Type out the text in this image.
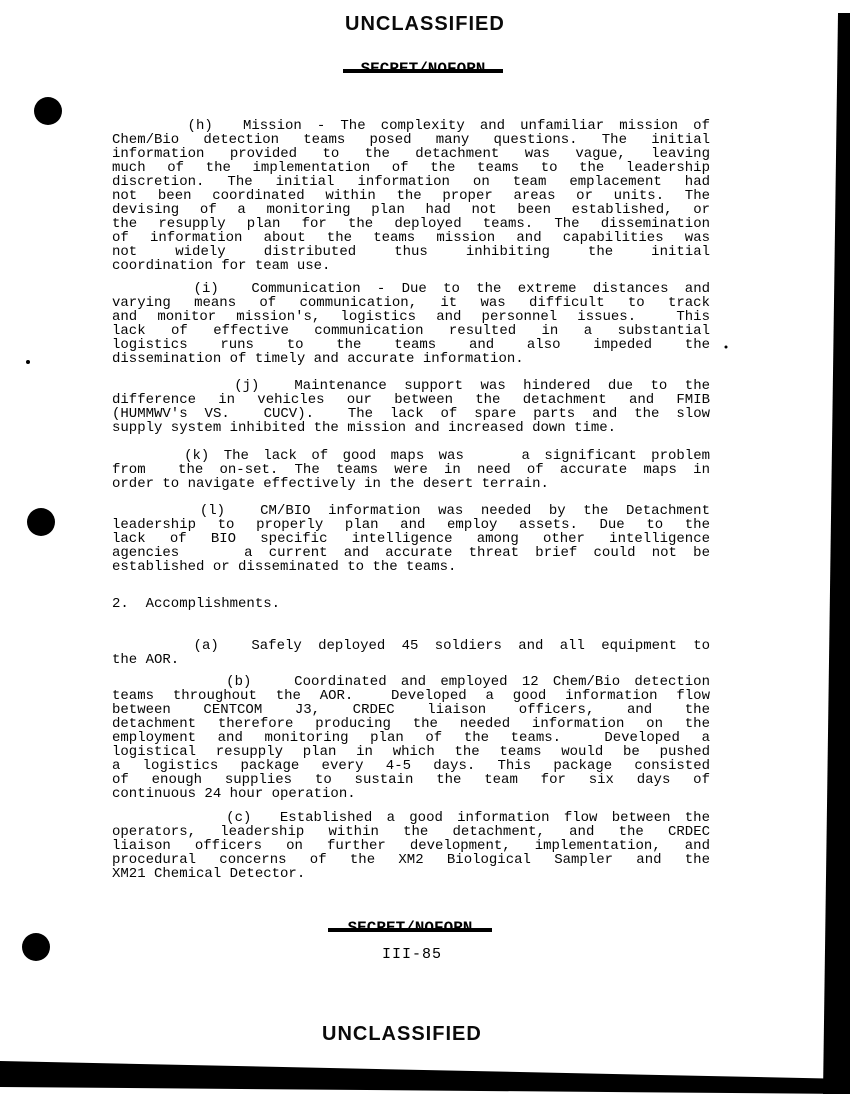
UNCLASSIFIED
(h)  Mission - The complexity and unfamiliar mission of
Chem/Bio detection teams posed many questions. The initial
information provided to the detachment was vague, leaving
much of the implementation of the teams to the leadership
discretion. The initial information on team emplacement had
not been coordinated within the proper areas or units. The
devising of a monitoring plan had not been established, or
the resupply plan for the deployed teams. The dissemination
of information about the teams mission and capabilities was
not widely distributed thus inhibiting the initial
coordination for team use.
(i)  Communication - Due to the extreme distances and
varying means of communication, it was difficult to track
and monitor mission's, logistics and personnel issues.  This
lack of effective communication resulted in a substantial
logistics runs to the teams and also impeded the
dissemination of timely and accurate information.
(j)  Maintenance support was hindered due to the
difference in vehicles our between the detachment and FMIB
(HUMMWV's VS.  CUCV).  The lack of spare parts and the slow
supply system inhibited the mission and increased down time.
(k) The lack of good maps was    a significant problem
from  the on-set. The teams were in need of accurate maps in
order to navigate effectively in the desert terrain.
(l)  CM/BIO information was needed by the Detachment
leadership to properly plan and employ assets. Due to the
lack of BIO specific intelligence among other intelligence
agencies    a current and accurate threat brief could not be
established or disseminated to the teams.
2.  Accomplishments.
(a)  Safely deployed 45 soldiers and all equipment to
the AOR.
(b)   Coordinated and employed 12 Chem/Bio detection
teams throughout the AOR.  Developed a good information flow
between CENTCOM J3, CRDEC liaison officers, and the
detachment therefore producing the needed information on the
employment and monitoring plan of the teams.  Developed a
logistical resupply plan in which the teams would be pushed
a logistics package every 4-5 days. This package consisted
of enough supplies to sustain the team for six days of
continuous 24 hour operation.
(c)  Established a good information flow between the
operators, leadership within the detachment, and the CRDEC
liaison officers on further development, implementation, and
procedural concerns of the XM2 Biological Sampler and the
XM21 Chemical Detector.
III-85
UNCLASSIFIED
